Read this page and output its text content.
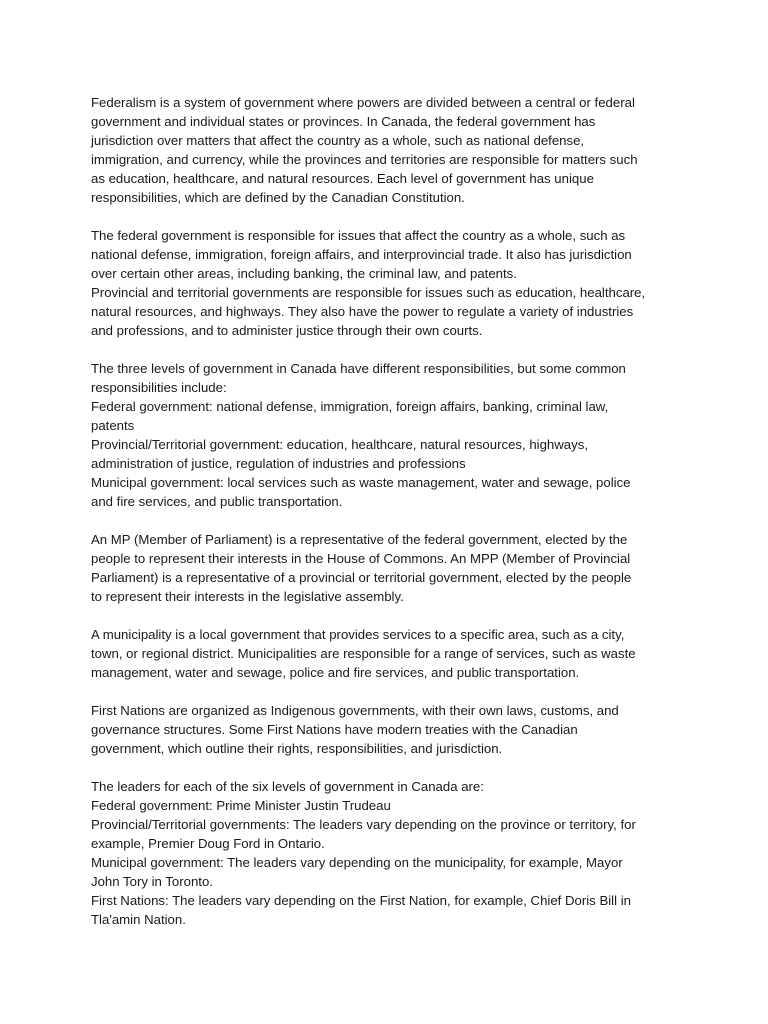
Federalism is a system of government where powers are divided between a central or federal
government and individual states or provinces. In Canada, the federal government has
jurisdiction over matters that affect the country as a whole, such as national defense,
immigration, and currency, while the provinces and territories are responsible for matters such
as education, healthcare, and natural resources. Each level of government has unique
responsibilities, which are defined by the Canadian Constitution.

The federal government is responsible for issues that affect the country as a whole, such as
national defense, immigration, foreign affairs, and interprovincial trade. It also has jurisdiction
over certain other areas, including banking, the criminal law, and patents.
Provincial and territorial governments are responsible for issues such as education, healthcare,
natural resources, and highways. They also have the power to regulate a variety of industries
and professions, and to administer justice through their own courts.

The three levels of government in Canada have different responsibilities, but some common
responsibilities include:
Federal government: national defense, immigration, foreign affairs, banking, criminal law,
patents
Provincial/Territorial government: education, healthcare, natural resources, highways,
administration of justice, regulation of industries and professions
Municipal government: local services such as waste management, water and sewage, police
and fire services, and public transportation.

An MP (Member of Parliament) is a representative of the federal government, elected by the
people to represent their interests in the House of Commons. An MPP (Member of Provincial
Parliament) is a representative of a provincial or territorial government, elected by the people
to represent their interests in the legislative assembly.

A municipality is a local government that provides services to a specific area, such as a city,
town, or regional district. Municipalities are responsible for a range of services, such as waste
management, water and sewage, police and fire services, and public transportation.

First Nations are organized as Indigenous governments, with their own laws, customs, and
governance structures. Some First Nations have modern treaties with the Canadian
government, which outline their rights, responsibilities, and jurisdiction.

The leaders for each of the six levels of government in Canada are:
Federal government: Prime Minister Justin Trudeau
Provincial/Territorial governments: The leaders vary depending on the province or territory, for
example, Premier Doug Ford in Ontario.
Municipal government: The leaders vary depending on the municipality, for example, Mayor
John Tory in Toronto.
First Nations: The leaders vary depending on the First Nation, for example, Chief Doris Bill in
Tla'amin Nation.
